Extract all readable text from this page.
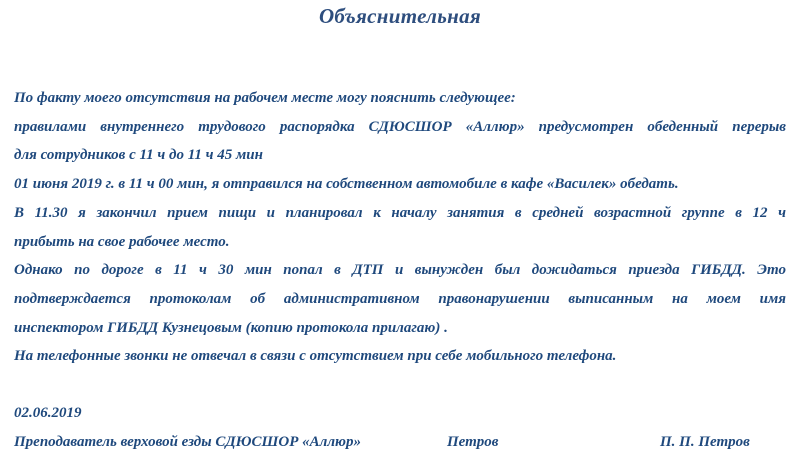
Объяснительная
По факту моего отсутствия на рабочем месте могу пояснить следующее:
правилами внутреннего трудового распорядка СДЮСШОР «Аллюр» предусмотрен обеденный перерыв
для сотрудников с 11 ч до 11 ч 45 мин
01 июня 2019 г. в 11 ч 00 мин, я отправился на собственном автомобиле в кафе «Василек» обедать.
В 11.30 я закончил прием пищи и планировал к началу занятия в средней возрастной группе в 12 ч
прибыть на свое рабочее место.
Однако по дороге в 11 ч 30 мин попал в ДТП и вынужден был дожидаться приезда ГИБДД. Это
подтверждается протоколам об административном правонарушении выписанным на моем имя
инспектором ГИБДД Кузнецовым (копию протокола прилагаю) .
На телефонные звонки не отвечал в связи с отсутствием при себе мобильного телефона.
02.06.2019
Преподаватель верховой езды СДЮСШОР «Аллюр»	Петров	П. П. Петров
